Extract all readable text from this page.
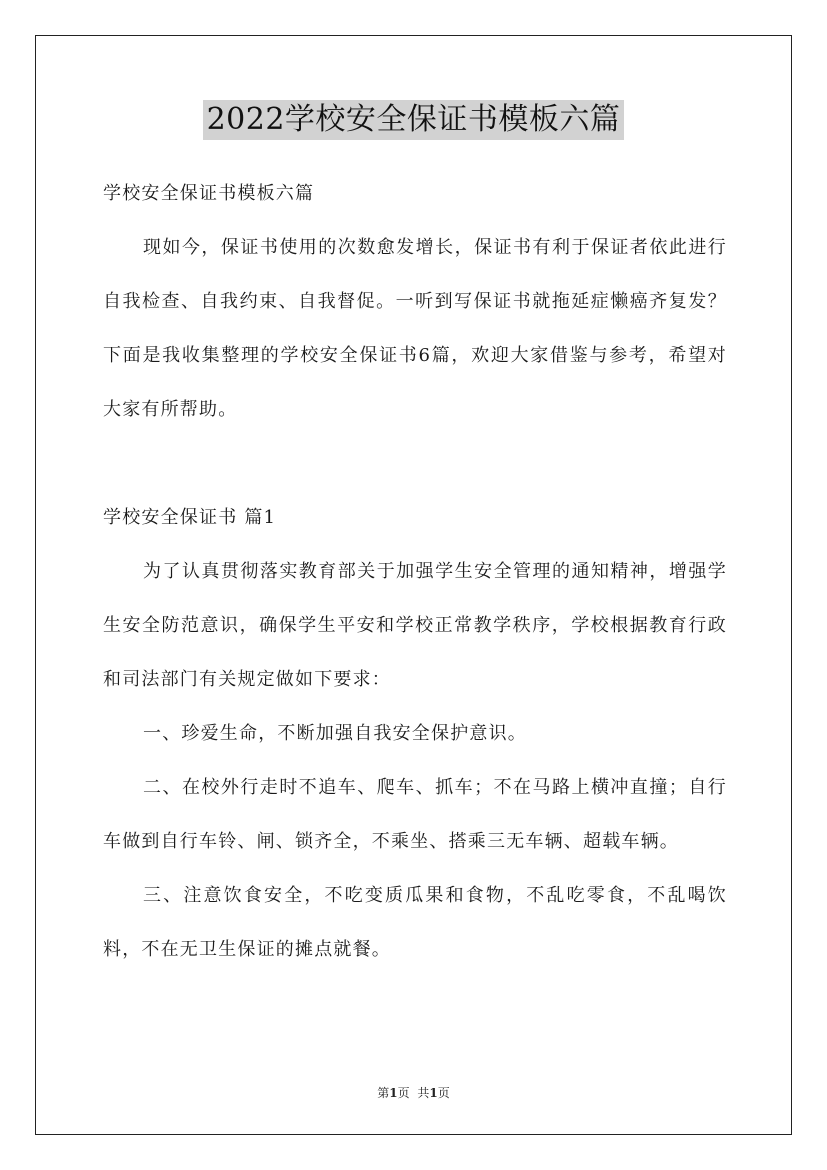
2022学校安全保证书模板六篇

学校安全保证书模板六篇

现如今，保证书使用的次数愈发增长，保证书有利于保证者依此进行自我检查、自我约束、自我督促。一听到写保证书就拖延症懒癌齐复发？下面是我收集整理的学校安全保证书6篇，欢迎大家借鉴与参考，希望对大家有所帮助。

学校安全保证书 篇1

为了认真贯彻落实教育部关于加强学生安全管理的通知精神，增强学生安全防范意识，确保学生平安和学校正常教学秩序，学校根据教育行政和司法部门有关规定做如下要求：

一、珍爱生命，不断加强自我安全保护意识。

二、在校外行走时不追车、爬车、抓车；不在马路上横冲直撞；自行车做到自行车铃、闸、锁齐全，不乘坐、搭乘三无车辆、超载车辆。

三、注意饮食安全，不吃变质瓜果和食物，不乱吃零食，不乱喝饮料，不在无卫生保证的摊点就餐。

第1页 共1页
